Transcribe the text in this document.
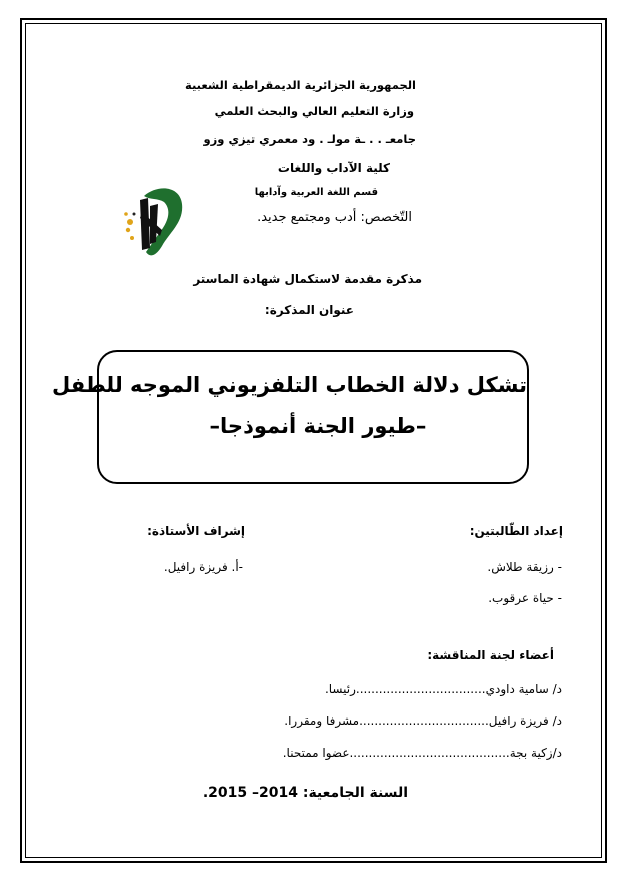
الجمهورية الجزائرية الديمقراطية الشعبية
وزارة التعليم العالي والبحث العلمي
جامعـ . . ـة مولـ . ود معمري تيزي وزو
كلية الآداب واللغات
قسم اللغة العربية وآدابها
التّخصص: أدب ومجتمع جديد.
مذكرة مقدمة لاستكمال شهادة الماستر
عنوان المذكرة:
تشكل دلالة الخطاب التلفزيوني الموجه للطفل
–طيور الجنة أنموذجا–
إعداد الطّالبتين:
- رزيقة طلاش.
- حياة عرقوب.
إشراف الأستاذة:
-أ. فريزة رافيل.
أعضاء لجنة المناقشة:
د/ سامية داودي..................................رئيسا.
د/ فريزة رافيل..................................مشرفا ومقررا.
د/زكية بجة..........................................عضوا ممتحنا.
السنة الجامعية: 2014– 2015.
